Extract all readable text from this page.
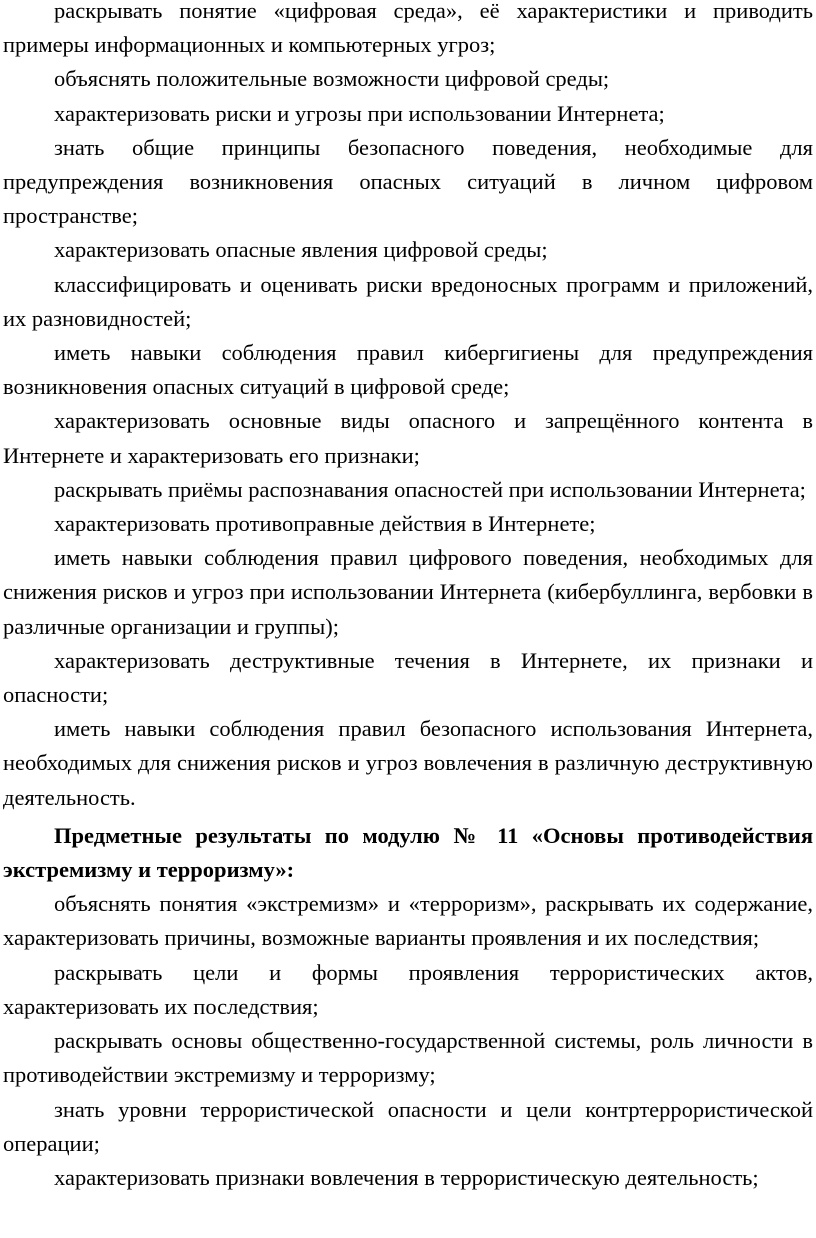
раскрывать понятие «цифровая среда», её характеристики и приводить примеры информационных и компьютерных угроз;

объяснять положительные возможности цифровой среды;

характеризовать риски и угрозы при использовании Интернета;

знать общие принципы безопасного поведения, необходимые для предупреждения возникновения опасных ситуаций в личном цифровом пространстве;

характеризовать опасные явления цифровой среды;

классифицировать и оценивать риски вредоносных программ и приложений, их разновидностей;

иметь навыки соблюдения правил кибергигиены для предупреждения возникновения опасных ситуаций в цифровой среде;

характеризовать основные виды опасного и запрещённого контента в Интернете и характеризовать его признаки;

раскрывать приёмы распознавания опасностей при использовании Интернета;

характеризовать противоправные действия в Интернете;

иметь навыки соблюдения правил цифрового поведения, необходимых для снижения рисков и угроз при использовании Интернета (кибербуллинга, вербовки в различные организации и группы);

характеризовать деструктивные течения в Интернете, их признаки и опасности;

иметь навыки соблюдения правил безопасного использования Интернета, необходимых для снижения рисков и угроз вовлечения в различную деструктивную деятельность.

Предметные результаты по модулю № 11 «Основы противодействия экстремизму и терроризму»:

объяснять понятия «экстремизм» и «терроризм», раскрывать их содержание, характеризовать причины, возможные варианты проявления и их последствия;

раскрывать цели и формы проявления террористических актов, характеризовать их последствия;

раскрывать основы общественно-государственной системы, роль личности в противодействии экстремизму и терроризму;

знать уровни террористической опасности и цели контртеррористической операции;

характеризовать признаки вовлечения в террористическую деятельность;
